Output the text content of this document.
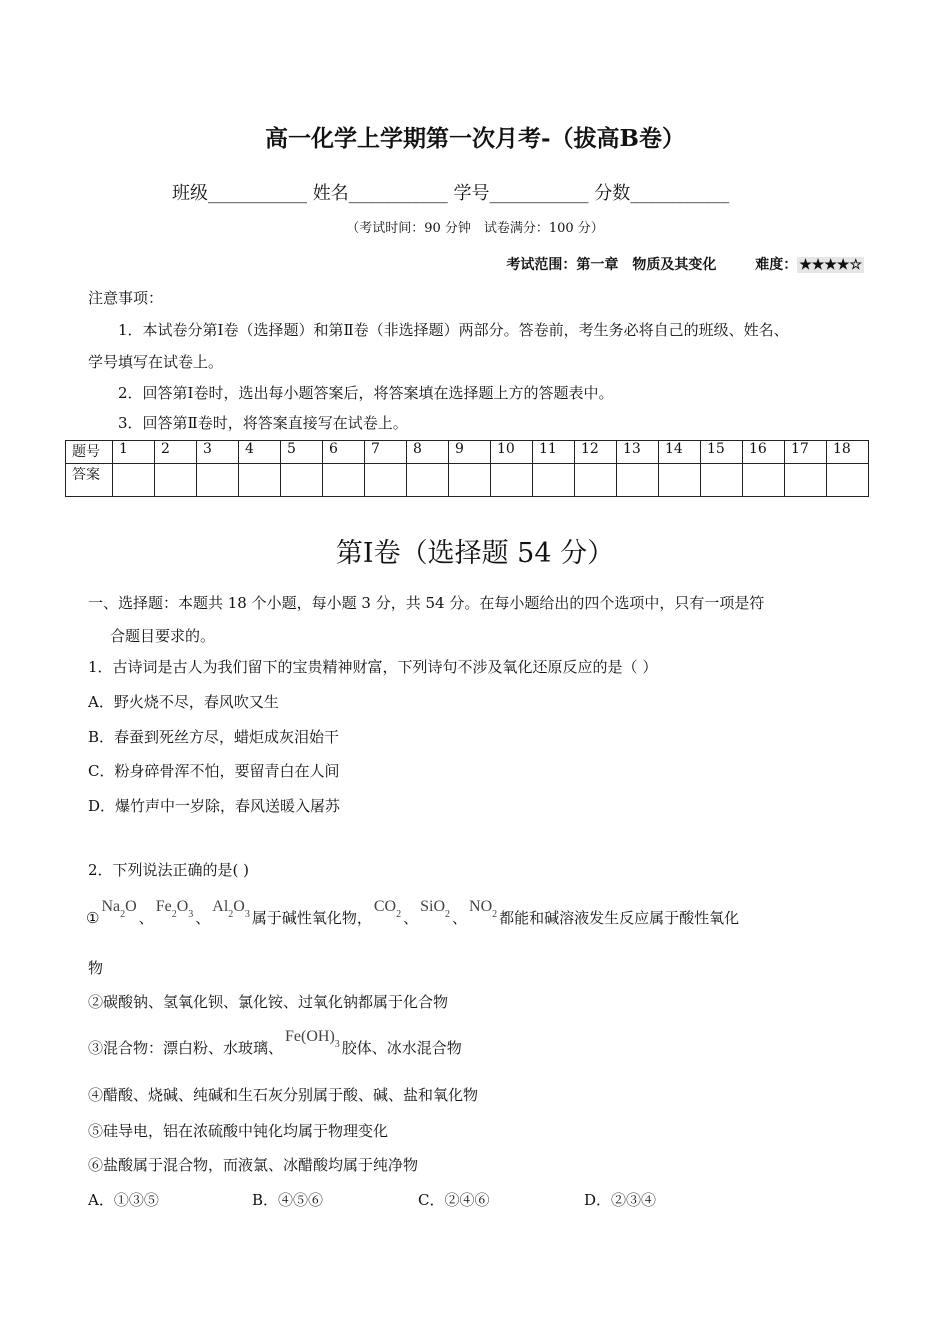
高一化学上学期第一次月考-（拔高B卷）
班级___________ 姓名___________ 学号___________ 分数___________
（考试时间：90 分钟　试卷满分：100 分）
考试范围：第一章　物质及其变化	难度： ★★★★☆
注意事项：
1．本试卷分第Ⅰ卷（选择题）和第Ⅱ卷（非选择题）两部分。答卷前，考生务必将自己的班级、姓名、
学号填写在试卷上。
2．回答第Ⅰ卷时，选出每小题答案后，将答案填在选择题上方的答题表中。
3．回答第Ⅱ卷时，将答案直接写在试卷上。
题号	1	2	3	4	5	6	7	8	9	10	11	12	13	14	15	16	17	18
答案																		
第Ⅰ卷（选择题 54 分）
一、选择题：本题共 18 个小题，每小题 3 分，共 54 分。在每小题给出的四个选项中，只有一项是符
合题目要求的。
1．古诗词是古人为我们留下的宝贵精神财富，下列诗句不涉及氧化还原反应的是（ ）
A．野火烧不尽，春风吹又生
B．春蚕到死丝方尽，蜡炬成灰泪始干
C．粉身碎骨浑不怕，要留青白在人间
D．爆竹声中一岁除，春风送暖入屠苏
2．下列说法正确的是( )
$①Na_2O$、$Fe_2O_3$ 、$Al_2O_3$ 属于碱性氧化物，$CO_2$ 、SiO$_2$ 、$NO_2$ 都能和碱溶液发生反应属于酸性氧化
物
②碳酸钠、氢氧化钡、氯化铵、过氧化钠都属于化合物
③混合物：漂白粉、水玻璃、$Fe(OH)_3$ 胶体、冰水混合物
④醋酸、烧碱、纯碱和生石灰分别属于酸、碱、盐和氧化物
⑤硅导电，铝在浓硫酸中钝化均属于物理变化
⑥盐酸属于混合物，而液氯、冰醋酸均属于纯净物
A．①③⑤	B．④⑤⑥	C．②④⑥	D．②③④
